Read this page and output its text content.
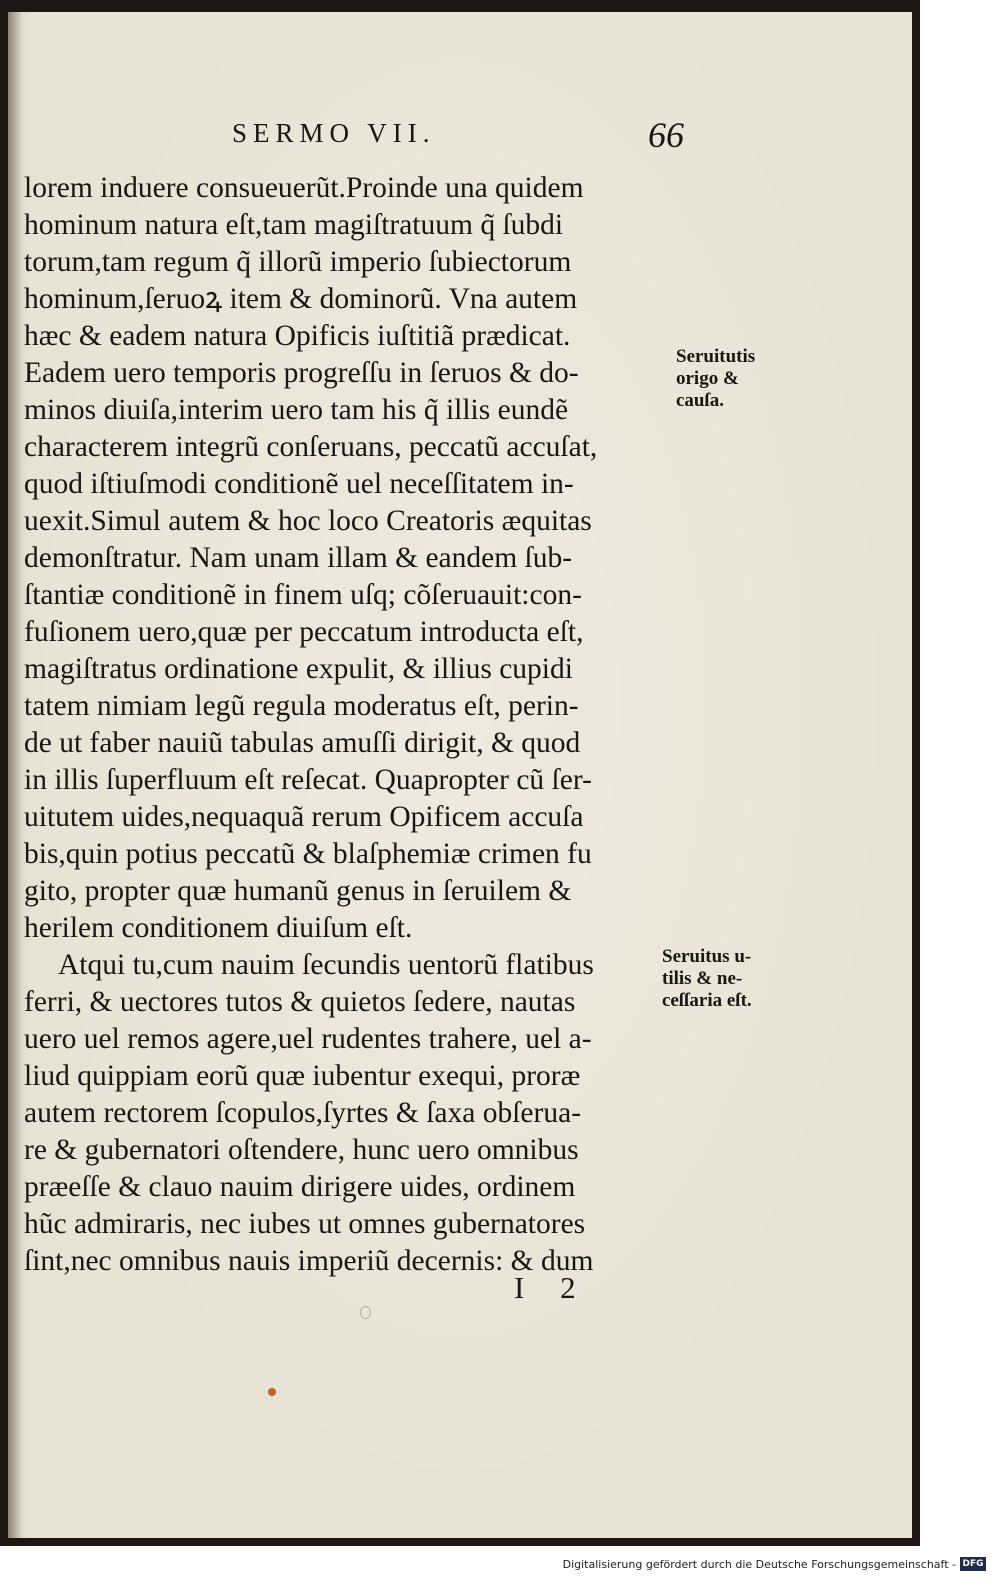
SERMO VII.	66
lorem induere consueuerũt.Proinde una quidem
hominum natura eſt,tam magiſtratuum q̃ ſubdi
torum,tam regum q̃ illorũ imperio ſubiectorum
hominum,ſeruoꝝ item & dominorũ. Vna autem
hæc & eadem natura Opificis iuſtitiã prædicat.
Eadem uero temporis progreſſu in ſeruos & do-
minos diuiſa,interim uero tam his q̃ illis eundẽ
characterem integrũ conſeruans, peccatũ accuſat,
quod iſtiuſmodi conditionẽ uel neceſſitatem in-
uexit.Simul autem & hoc loco Creatoris æquitas
demonſtratur. Nam unam illam & eandem ſub-
ſtantiæ conditionẽ in finem uſq; cõſeruauit:con-
fuſionem uero,quæ per peccatum introducta eſt,
magiſtratus ordinatione expulit, & illius cupidi
tatem nimiam legũ regula moderatus eſt, perin-
de ut faber nauiũ tabulas amuſſi dirigit, & quod
in illis ſuperfluum eſt reſecat. Quapropter cũ ſer-
uitutem uides,nequaquã rerum Opificem accuſa
bis,quin potius peccatũ & blaſphemiæ crimen fu
gito, propter quæ humanũ genus in ſeruilem &
herilem conditionem diuiſum eſt.
Atqui tu,cum nauim ſecundis uentorũ flatibus
ferri, & uectores tutos & quietos ſedere, nautas
uero uel remos agere,uel rudentes trahere, uel a-
liud quippiam eorũ quæ iubentur exequi, proræ
autem rectorem ſcopulos,ſyrtes & ſaxa obſerua-
re & gubernatori oſtendere, hunc uero omnibus
præeſſe & clauo nauim dirigere uides, ordinem
hũc admiraris, nec iubes ut omnes gubernatores
ſint,nec omnibus nauis imperiũ decernis: & dum
Seruitutis
origo &
cauſa.
Seruitus u-
tilis & ne-
ceſſaria eſt.
I 2
Digitalisierung gefördert durch die Deutsche Forschungsgemeinschaft - DFG
